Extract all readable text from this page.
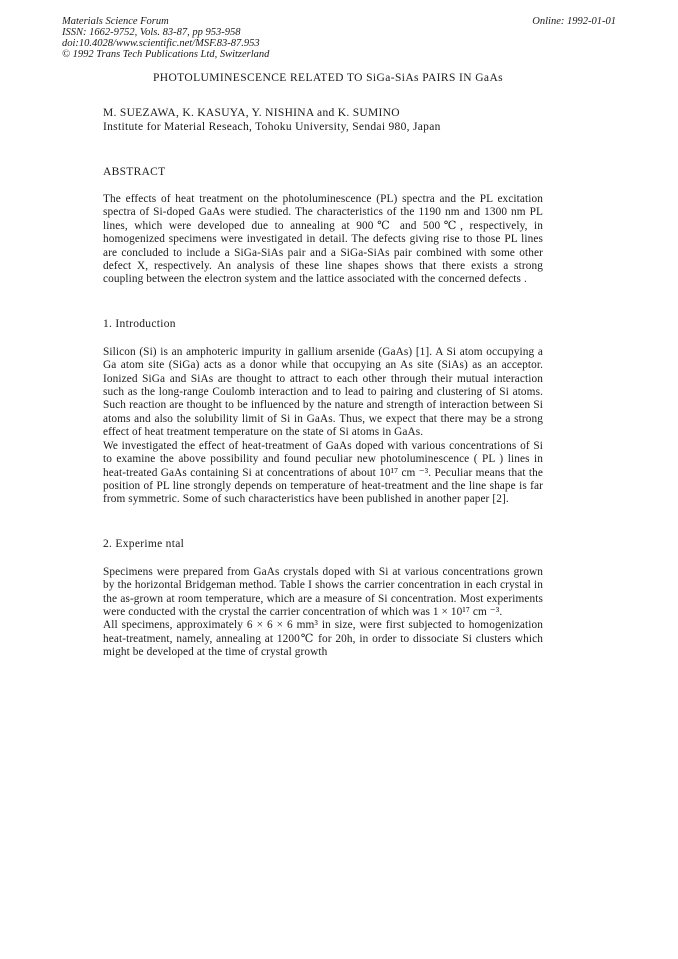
Materials Science Forum
ISSN: 1662-9752, Vols. 83-87, pp 953-958
doi:10.4028/www.scientific.net/MSF.83-87.953
© 1992 Trans Tech Publications Ltd, Switzerland
Online: 1992-01-01
PHOTOLUMINESCENCE RELATED TO SiGa-SiAs PAIRS IN GaAs
M. SUEZAWA, K. KASUYA, Y. NISHINA and K. SUMINO
Institute for Material Reseach, Tohoku University, Sendai 980, Japan
ABSTRACT

The effects of heat treatment on the photoluminescence (PL) spectra and the PL excitation spectra of Si-doped GaAs were studied. The characteristics of the 1190 nm and 1300 nm PL lines, which were developed due to annealing at 900℃ and 500℃, respectively, in homogenized specimens were investigated in detail. The defects giving rise to those PL lines are concluded to include a SiGa-SiAs pair and a SiGa-SiAs pair combined with some other defect X, respectively. An analysis of these line shapes shows that there exists a strong coupling between the electron system and the lattice associated with the concerned defects .

1. Introduction

Silicon (Si) is an amphoteric impurity in gallium arsenide (GaAs) [1]. A Si atom occupying a Ga atom site (SiGa) acts as a donor while that occupying an As site (SiAs) as an acceptor. Ionized SiGa and SiAs are thought to attract to each other through their mutual interaction such as the long-range Coulomb interaction and to lead to pairing and clustering of Si atoms. Such reaction are thought to be influenced by the nature and strength of interaction between Si atoms and also the solubility limit of Si in GaAs. Thus, we expect that there may be a strong effect of heat treatment temperature on the state of Si atoms in GaAs.

We investigated the effect of heat-treatment of GaAs doped with various concentrations of Si to examine the above possibility and found peculiar new photoluminescence ( PL ) lines in heat-treated GaAs containing Si at concentrations of about 10¹⁷ cm ⁻³. Peculiar means that the position of PL line strongly depends on temperature of heat-treatment and the line shape is far from symmetric. Some of such characteristics have been published in another paper [2].

2. Experime ntal

Specimens were prepared from GaAs crystals doped with Si at various concentrations grown by the horizontal Bridgeman method. Table I shows the carrier concentration in each crystal in the as-grown at room temperature, which are a measure of Si concentration. Most experiments were conducted with the crystal the carrier concentration of which was 1 × 10¹⁷ cm ⁻³.

All specimens, approximately 6 × 6 × 6 mm³ in size, were first subjected to homogenization heat-treatment, namely, annealing at 1200℃ for 20h, in order to dissociate Si clusters which might be developed at the time of crystal growth
